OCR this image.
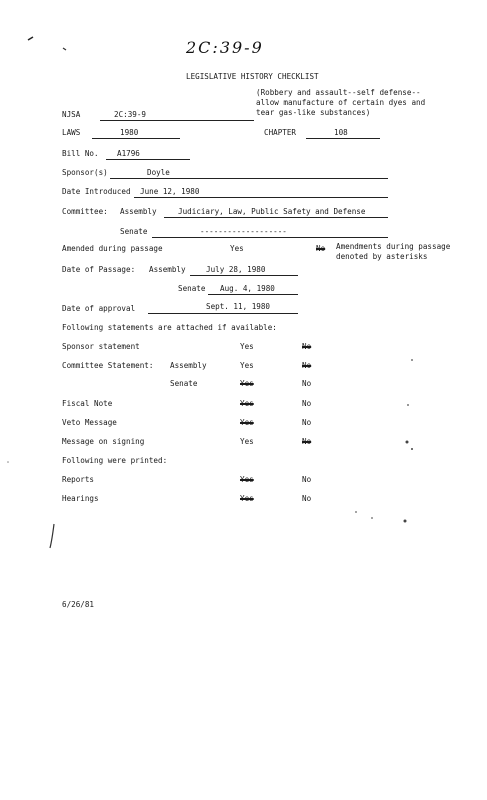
2C:39-9
LEGISLATIVE HISTORY CHECKLIST
(Robbery and assault--self defense--
allow manufacture of certain dyes and
tear gas-like substances)
NJSA	2C:39-9
LAWS	1980	CHAPTER	108
Bill No. A1796
Sponsor(s)	Doyle
Date Introduced June 12, 1980
Committee: Assembly	Judiciary, Law, Public Safety and Defense
Senate	-------------------
Amended during passage	Yes	No Amendments during passage
denoted by asterisks
Date of Passage: Assembly	July 28, 1980
Senate Aug. 4, 1980
Date of approval	Sept. 11, 1980
Following statements are attached if available:
Sponsor statement	Yes	No
Committee Statement: Assembly	Yes	No
Senate	Yes	No
Fiscal Note	Yes	No
Veto Message	Yes	No
Message on signing	Yes	No
Following were printed:
Reports	Yes	No
Hearings	Yes	No
6/26/81
